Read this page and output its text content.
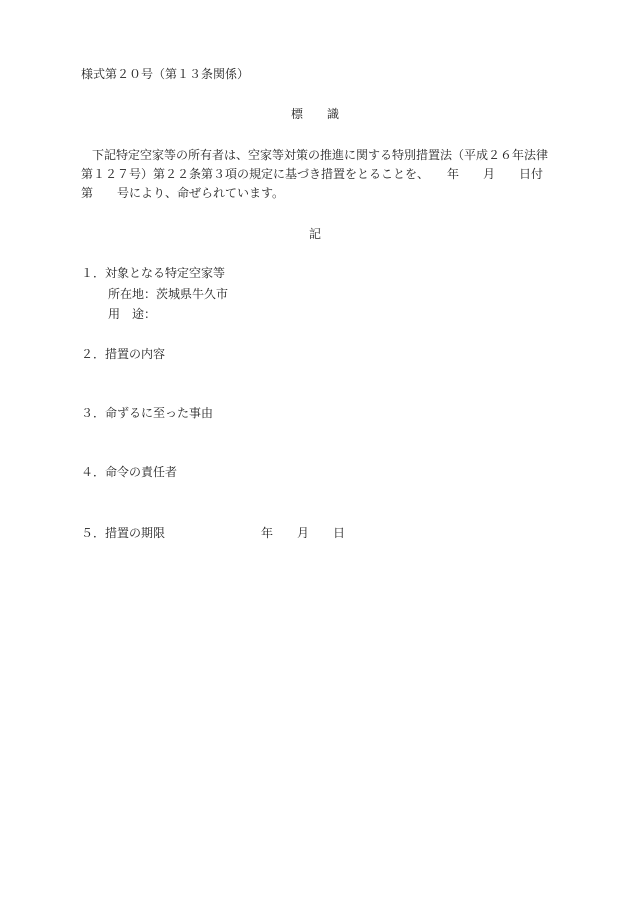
様式第２０号（第１３条関係）
標　　識
下記特定空家等の所有者は、空家等対策の推進に関する特別措置法（平成２６年法律
第１２７号）第２２条第３項の規定に基づき措置をとることを、　　年　　月　　日付
第　　号により、命ぜられています。
記
１．対象となる特定空家等
所在地：茨城県牛久市
用　途：
２．措置の内容
３．命ずるに至った事由
４．命令の責任者
５．措置の期限　　　　　　　　年　　月　　日
